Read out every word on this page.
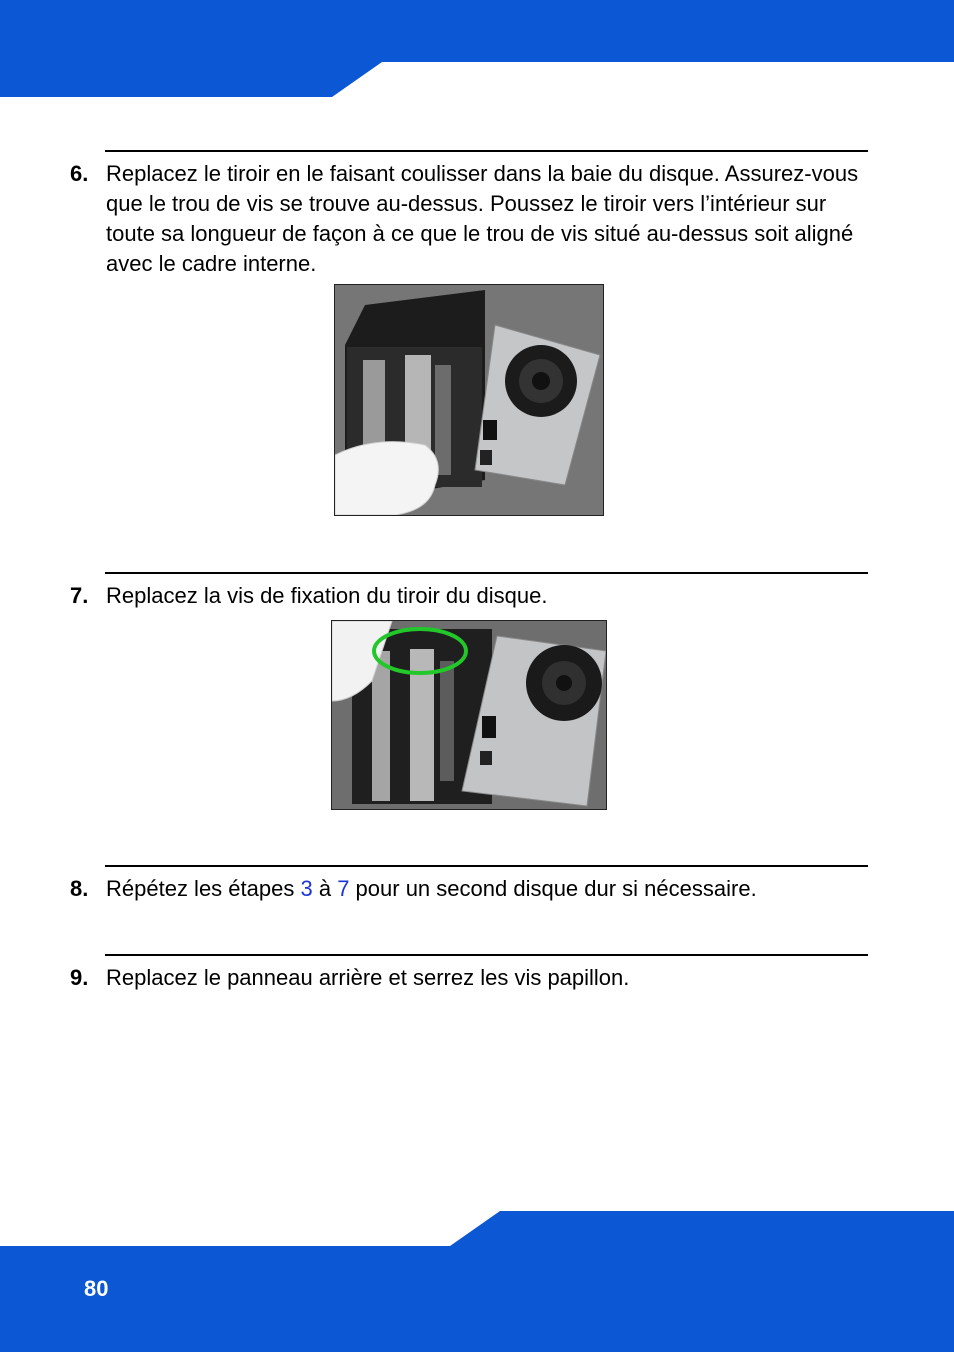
6. Replacez le tiroir en le faisant coulisser dans la baie du disque. Assurez-vous que le trou de vis se trouve au-dessus. Poussez le tiroir vers l’intérieur sur toute sa longueur de façon à ce que le trou de vis situé au-dessus soit aligné avec le cadre interne.
7. Replacez la vis de fixation du tiroir du disque.
8. Répétez les étapes 3 à 7 pour un second disque dur si nécessaire.
9. Replacez le panneau arrière et serrez les vis papillon.
80
